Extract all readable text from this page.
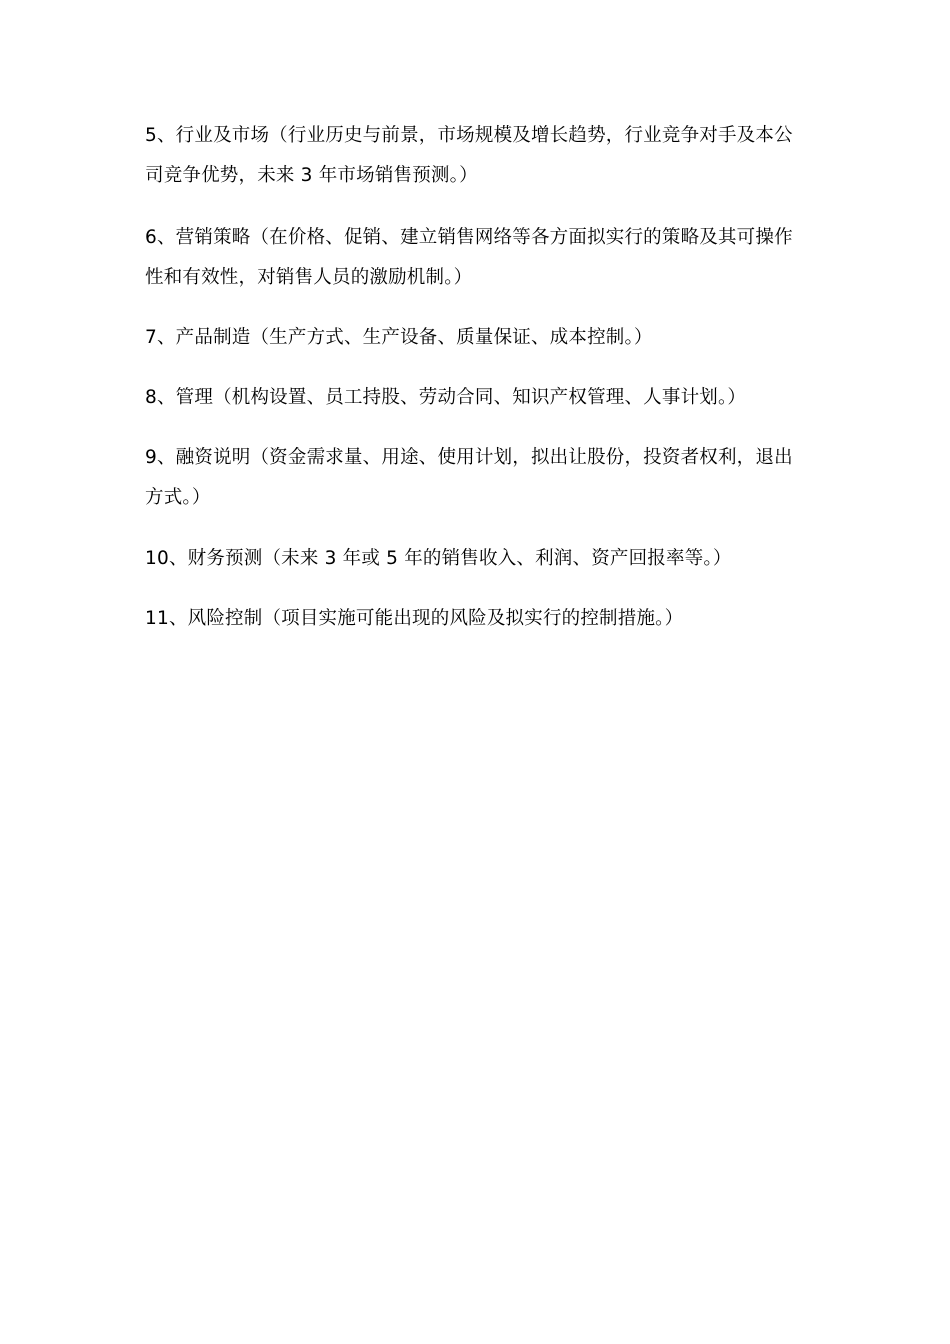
5、行业及市场（行业历史与前景，市场规模及增长趋势，行业竞争对手及本公

司竞争优势，未来 3 年市场销售预测。）

6、营销策略（在价格、促销、建立销售网络等各方面拟实行的策略及其可操作

性和有效性，对销售人员的激励机制。）

7、产品制造（生产方式、生产设备、质量保证、成本控制。）

8、管理（机构设置、员工持股、劳动合同、知识产权管理、人事计划。）

9、融资说明（资金需求量、用途、使用计划，拟出让股份，投资者权利，退出

方式。）

10、财务预测（未来 3 年或 5 年的销售收入、利润、资产回报率等。）

11、风险控制（项目实施可能出现的风险及拟实行的控制措施。）
